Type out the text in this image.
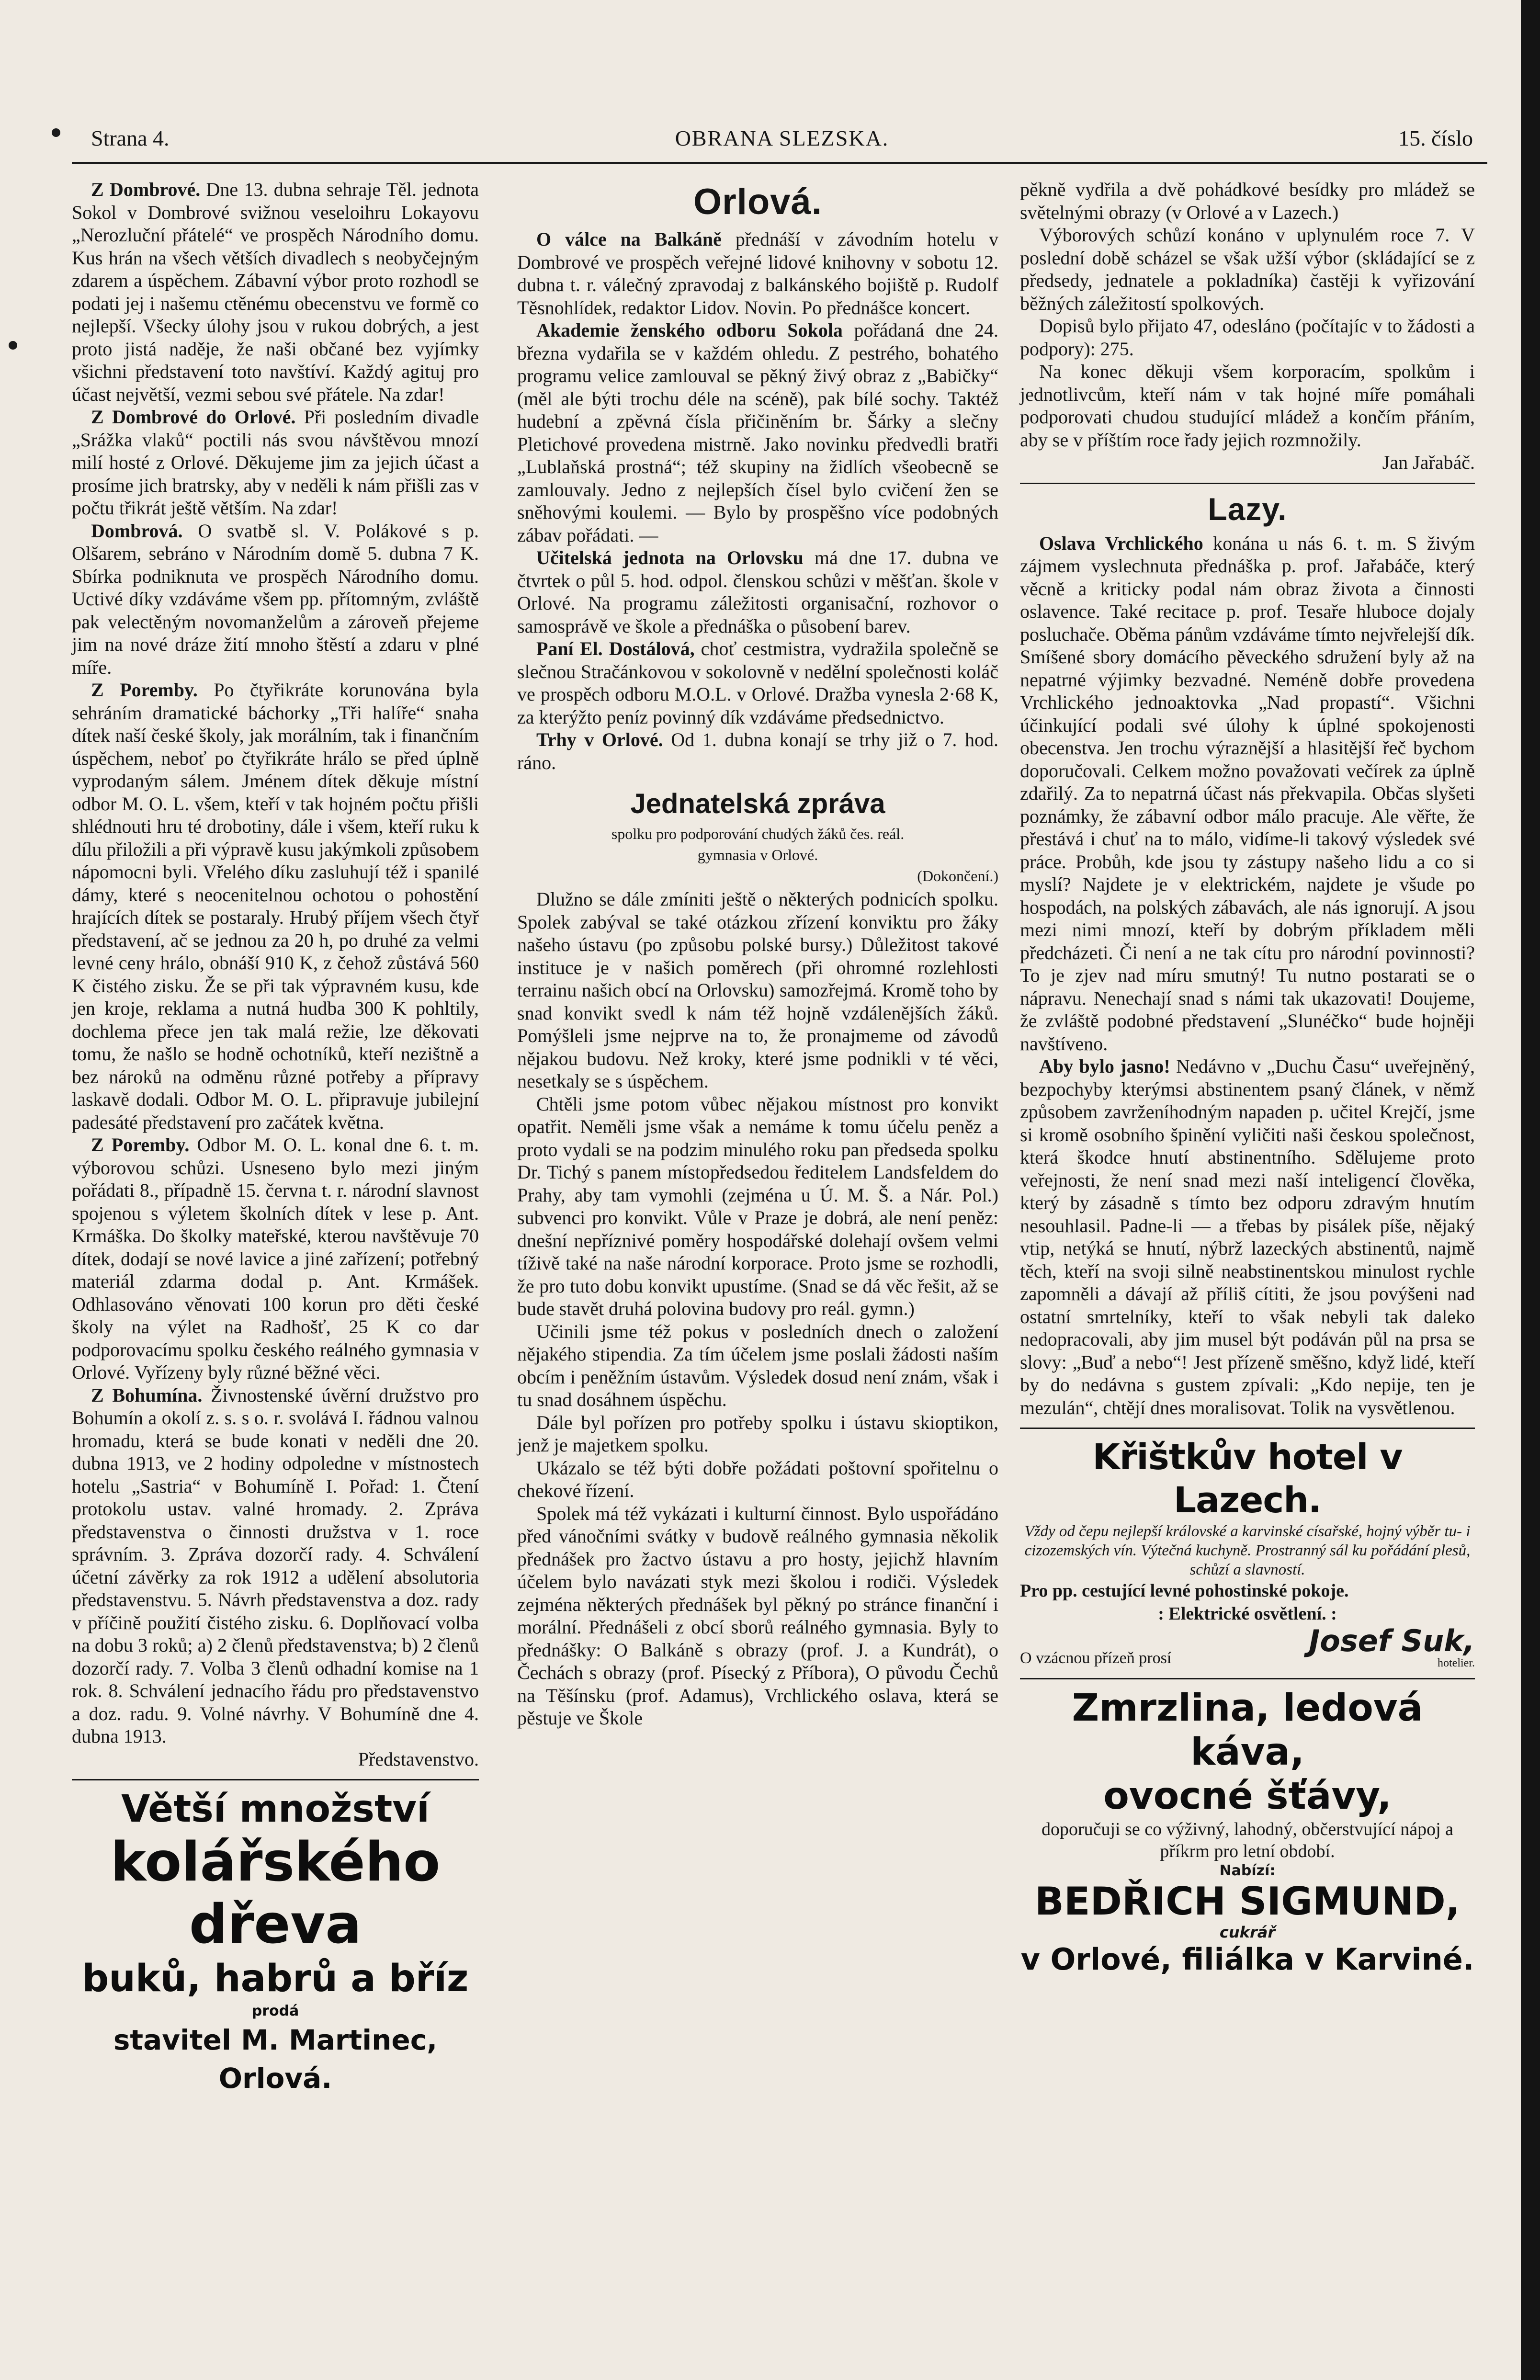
Strana 4.	OBRANA SLEZSKA.	15. číslo

Z Dombrové. Dne 13. dubna sehraje Těl. jednota Sokol v Dombrové svižnou veseloihru Lokayovu „Nerozluční přátelé“ ve prospěch Národního domu. Kus hrán na všech větších divadlech s neobyčejným zdarem a úspěchem. Zábavní výbor proto rozhodl se podati jej i našemu ctěnému obecenstvu ve formě co nejlepší. Všecky úlohy jsou v rukou dobrých, a jest proto jistá naděje, že naši občané bez vyjímky všichni představení toto navštíví. Každý agituj pro účast největší, vezmi sebou své přátele. Na zdar!

Z Dombrové do Orlové. Při posledním divadle „Srážka vlaků“ poctili nás svou návštěvou mnozí milí hosté z Orlové. Děkujeme jim za jejich účast a prosíme jich bratrsky, aby v neděli k nám přišli zas v počtu třikrát ještě větším. Na zdar!

Dombrová. O svatbě sl. V. Polákové s p. Olšarem, sebráno v Národním domě 5. dubna 7 K. Sbírka podniknuta ve prospěch Národního domu. Uctivé díky vzdáváme všem pp. přítomným, zvláště pak velectěným novomanželům a zároveň přejeme jim na nové dráze žití mnoho štěstí a zdaru v plné míře.

Z Poremby. Po čtyřikráte korunována byla sehráním dramatické báchorky „Tři halíře“ snaha dítek naší české školy, jak morálním, tak i finančním úspěchem, neboť po čtyřikráte hrálo se před úplně vyprodaným sálem. Jménem dítek děkuje místní odbor M. O. L. všem, kteří v tak hojném počtu přišli shlédnouti hru té drobotiny, dále i všem, kteří ruku k dílu přiložili a při výpravě kusu jakýmkoli způsobem nápomocni byli. Vřelého díku zasluhují též i spanilé dámy, které s neocenitelnou ochotou o pohostění hrajících dítek se postaraly. Hrubý příjem všech čtyř představení, ač se jednou za 20 h, po druhé za velmi levné ceny hrálo, obnáší 910 K, z čehož zůstává 560 K čistého zisku. Že se při tak výpravném kusu, kde jen kroje, reklama a nutná hudba 300 K pohltily, dochlema přece jen tak malá režie, lze děkovati tomu, že našlo se hodně ochotníků, kteří nezištně a bez nároků na odměnu různé potřeby a přípravy laskavě dodali. Odbor M. O. L. připravuje jubilejní padesáté představení pro začátek května.

Z Poremby. Odbor M. O. L. konal dne 6. t. m. výborovou schůzi. Usneseno bylo mezi jiným pořádati 8., případně 15. června t. r. národní slavnost spojenou s výletem školních dítek v lese p. Ant. Krmáška. Do školky mateřské, kterou navštěvuje 70 dítek, dodají se nové lavice a jiné zařízení; potřebný materiál zdarma dodal p. Ant. Krmášek. Odhlasováno věnovati 100 korun pro děti české školy na výlet na Radhošť, 25 K co dar podporovacímu spolku českého reálného gymnasia v Orlové. Vyřízeny byly různé běžné věci.

Z Bohumína. Živnostenské úvěrní družstvo pro Bohumín a okolí z. s. s o. r. svolává I. řádnou valnou hromadu, která se bude konati v neděli dne 20. dubna 1913, ve 2 hodiny odpoledne v místnostech hotelu „Sastria“ v Bohumíně I. Pořad: 1. Čtení protokolu ustav. valné hromady. 2. Zpráva představenstva o činnosti družstva v 1. roce správním. 3. Zpráva dozorčí rady. 4. Schválení účetní závěrky za rok 1912 a udělení absolutoria představenstvu. 5. Návrh představenstva a doz. rady v příčině použití čistého zisku. 6. Doplňovací volba na dobu 3 roků; a) 2 členů představenstva; b) 2 členů dozorčí rady. 7. Volba 3 členů odhadní komise na 1 rok. 8. Schválení jednacího řádu pro představenstvo a doz. radu. 9. Volné návrhy. V Bohumíně dne 4. dubna 1913.

Představenstvo.
Větší množství
kolářského dřeva
buků, habrů a bříz
prodá
stavitel M. Martinec, Orlová.
Orlová.

O válce na Balkáně přednáší v závodním hotelu v Dombrové ve prospěch veřejné lidové knihovny v sobotu 12. dubna t. r. válečný zpravodaj z balkánského bojiště p. Rudolf Těsnohlídek, redaktor Lidov. Novin. Po přednášce koncert.

Akademie ženského odboru Sokola pořádaná dne 24. března vydařila se v každém ohledu. Z pestrého, bohatého programu velice zamlouval se pěkný živý obraz z „Babičky“ (měl ale býti trochu déle na scéně), pak bílé sochy. Taktéž hudební a zpěvná čísla přičiněním br. Šárky a slečny Pletichové provedena mistrně. Jako novinku předvedli bratři „Lublaňská prostná“; též skupiny na židlích všeobecně se zamlouvaly. Jedno z nejlepších čísel bylo cvičení žen se sněhovými koulemi. — Bylo by prospěšno více podobných zábav pořádati. —

Učitelská jednota na Orlovsku má dne 17. dubna ve čtvrtek o půl 5. hod. odpol. členskou schůzi v měšťan. škole v Orlové. Na programu záležitosti organisační, rozhovor o samosprávě ve škole a přednáška o působení barev.

Paní El. Dostálová, choť cestmistra, vydražila společně se slečnou Stračánkovou v sokolovně v nedělní společnosti koláč ve prospěch odboru M.O.L. v Orlové. Dražba vynesla 2·68 K, za kterýžto peníz povinný dík vzdáváme předsednictvo.

Trhy v Orlové. Od 1. dubna konají se trhy již o 7. hod. ráno.

Jednatelská zpráva
spolku pro podporování chudých žáků čes. reál.
gymnasia v Orlové.
(Dokončení.)

Dlužno se dále zmíniti ještě o některých podnicích spolku. Spolek zabýval se také otázkou zřízení konviktu pro žáky našeho ústavu (po způsobu polské bursy.) Důležitost takové instituce je v našich poměrech (při ohromné rozlehlosti terrainu našich obcí na Orlovsku) samozřejmá. Kromě toho by snad konvikt svedl k nám též hojně vzdálenějších žáků. Pomýšleli jsme nejprve na to, že pronajmeme od závodů nějakou budovu. Než kroky, které jsme podnikli v té věci, nesetkaly se s úspěchem.

Chtěli jsme potom vůbec nějakou místnost pro konvikt opatřit. Neměli jsme však a nemáme k tomu účelu peněz a proto vydali se na podzim minulého roku pan předseda spolku Dr. Tichý s panem místopředsedou ředitelem Landsfeldem do Prahy, aby tam vymohli (zejména u Ú. M. Š. a Nár. Pol.) subvenci pro konvikt. Vůle v Praze je dobrá, ale není peněz: dnešní nepříznivé poměry hospodářské dolehají ovšem velmi tíživě také na naše národní korporace. Proto jsme se rozhodli, že pro tuto dobu konvikt upustíme. (Snad se dá věc řešit, až se bude stavět druhá polovina budovy pro reál. gymn.)

Učinili jsme též pokus v posledních dnech o založení nějakého stipendia. Za tím účelem jsme poslali žádosti naším obcím i peněžním ústavům. Výsledek dosud není znám, však i tu snad dosáhnem úspěchu.

Dále byl pořízen pro potřeby spolku i ústavu skioptikon, jenž je majetkem spolku.

Ukázalo se též býti dobře požádati poštovní spořitelnu o chekové řízení.

Spolek má též vykázati i kulturní činnost. Bylo uspořádáno před vánočními svátky v budově reálného gymnasia několik přednášek pro žactvo ústavu a pro hosty, jejichž hlavním účelem bylo navázati styk mezi školou i rodiči. Výsledek zejména některých přednášek byl pěkný po stránce finanční i morální. Přednášeli z obcí sborů reálného gymnasia. Byly to přednášky: O Balkáně s obrazy (prof. J. a Kundrát), o Čechách s obrazy (prof. Písecký z Příbora), O původu Čechů na Těšínsku (prof. Adamus), Vrchlického oslava, která se pěstuje ve Škole

pěkně vydřila a dvě pohádkové besídky pro mládež se světelnými obrazy (v Orlové a v Lazech.)

Výborových schůzí konáno v uplynulém roce 7. V poslední době scházel se však užší výbor (skládající se z předsedy, jednatele a pokladníka) častěji k vyřizování běžných záležitostí spolkových.

Dopisů bylo přijato 47, odesláno (počítajíc v to žádosti a podpory): 275.

Na konec děkuji všem korporacím, spolkům i jednotlivcům, kteří nám v tak hojné míře pomáhali podporovati chudou studující mládež a končím přáním, aby se v příštím roce řady jejich rozmnožily.

Jan Jařabáč.
Lazy.

Oslava Vrchlického konána u nás 6. t. m. S živým zájmem vyslechnuta přednáška p. prof. Jařabáče, který věcně a kriticky podal nám obraz života a činnosti oslavence. Také recitace p. prof. Tesaře hluboce dojaly posluchače. Oběma pánům vzdáváme tímto nejvřelejší dík. Smíšené sbory domácího pěveckého sdružení byly až na nepatrné výjimky bezvadné. Neméně dobře provedena Vrchlického jednoaktovka „Nad propastí“. Všichni účinkující podali své úlohy k úplné spokojenosti obecenstva. Jen trochu výraznější a hlasitější řeč bychom doporučovali. Celkem možno považovati večírek za úplně zdařilý. Za to nepatrná účast nás překvapila. Občas slyšeti poznámky, že zábavní odbor málo pracuje. Ale věřte, že přestává i chuť na to málo, vidíme-li takový výsledek své práce. Probůh, kde jsou ty zástupy našeho lidu a co si myslí? Najdete je v elektrickém, najdete je všude po hospodách, na polských zábavách, ale nás ignorují. A jsou mezi nimi mnozí, kteří by dobrým příkladem měli předcházeti. Či není a ne tak cítu pro národní povinnosti? To je zjev nad míru smutný! Tu nutno postarati se o nápravu. Nenechají snad s námi tak ukazovati! Doujeme, že zvláště podobné představení „Slunéčko“ bude hojněji navštíveno.

Aby bylo jasno! Nedávno v „Duchu Času“ uveřejněný, bezpochyby kterýmsi abstinentem psaný článek, v němž způsobem zavrženíhodným napaden p. učitel Krejčí, jsme si kromě osobního špinění vyličiti naši českou společnost, která škodce hnutí abstinentního. Sdělujeme proto veřejnosti, že není snad mezi naší inteligencí člověka, který by zásadně s tímto bez odporu zdravým hnutím nesouhlasil. Padne-li — a třebas by pisálek píše, nějaký vtip, netýká se hnutí, nýbrž lazeckých abstinentů, najmě těch, kteří na svoji silně neabstinentskou minulost rychle zapomněli a dávají až příliš cítiti, že jsou povýšeni nad ostatní smrtelníky, kteří to však nebyli tak daleko nedopracovali, aby jim musel být podáván půl na prsa se slovy: „Buď a nebo“! Jest přízeně směšno, když lidé, kteří by do nedávna s gustem zpívali: „Kdo nepije, ten je mezulán“, chtějí dnes moralisovat. Tolik na vysvětlenou.

Křištkův hotel v Lazech.
Vždy od čepu nejlepší královské a karvinské císařské, hojný výběr tu- i cizozemských vín. Výtečná kuchyně. Prostranný sál ku pořádání plesů, schůzí a slavností.
Pro pp. cestující levné pohostinské pokoje.
: Elektrické osvětlení. :
O vzácnou přízeň prosí	Josef Suk,
hotelier.
Zmrzlina, ledová káva,
ovocné šťávy,
doporučuji se co výživný, lahodný, občerstvující nápoj a příkrm pro letní období.
Nabízí:
BEDŘICH SIGMUND,
cukrář
v Orlové, filiálka v Karviné.
